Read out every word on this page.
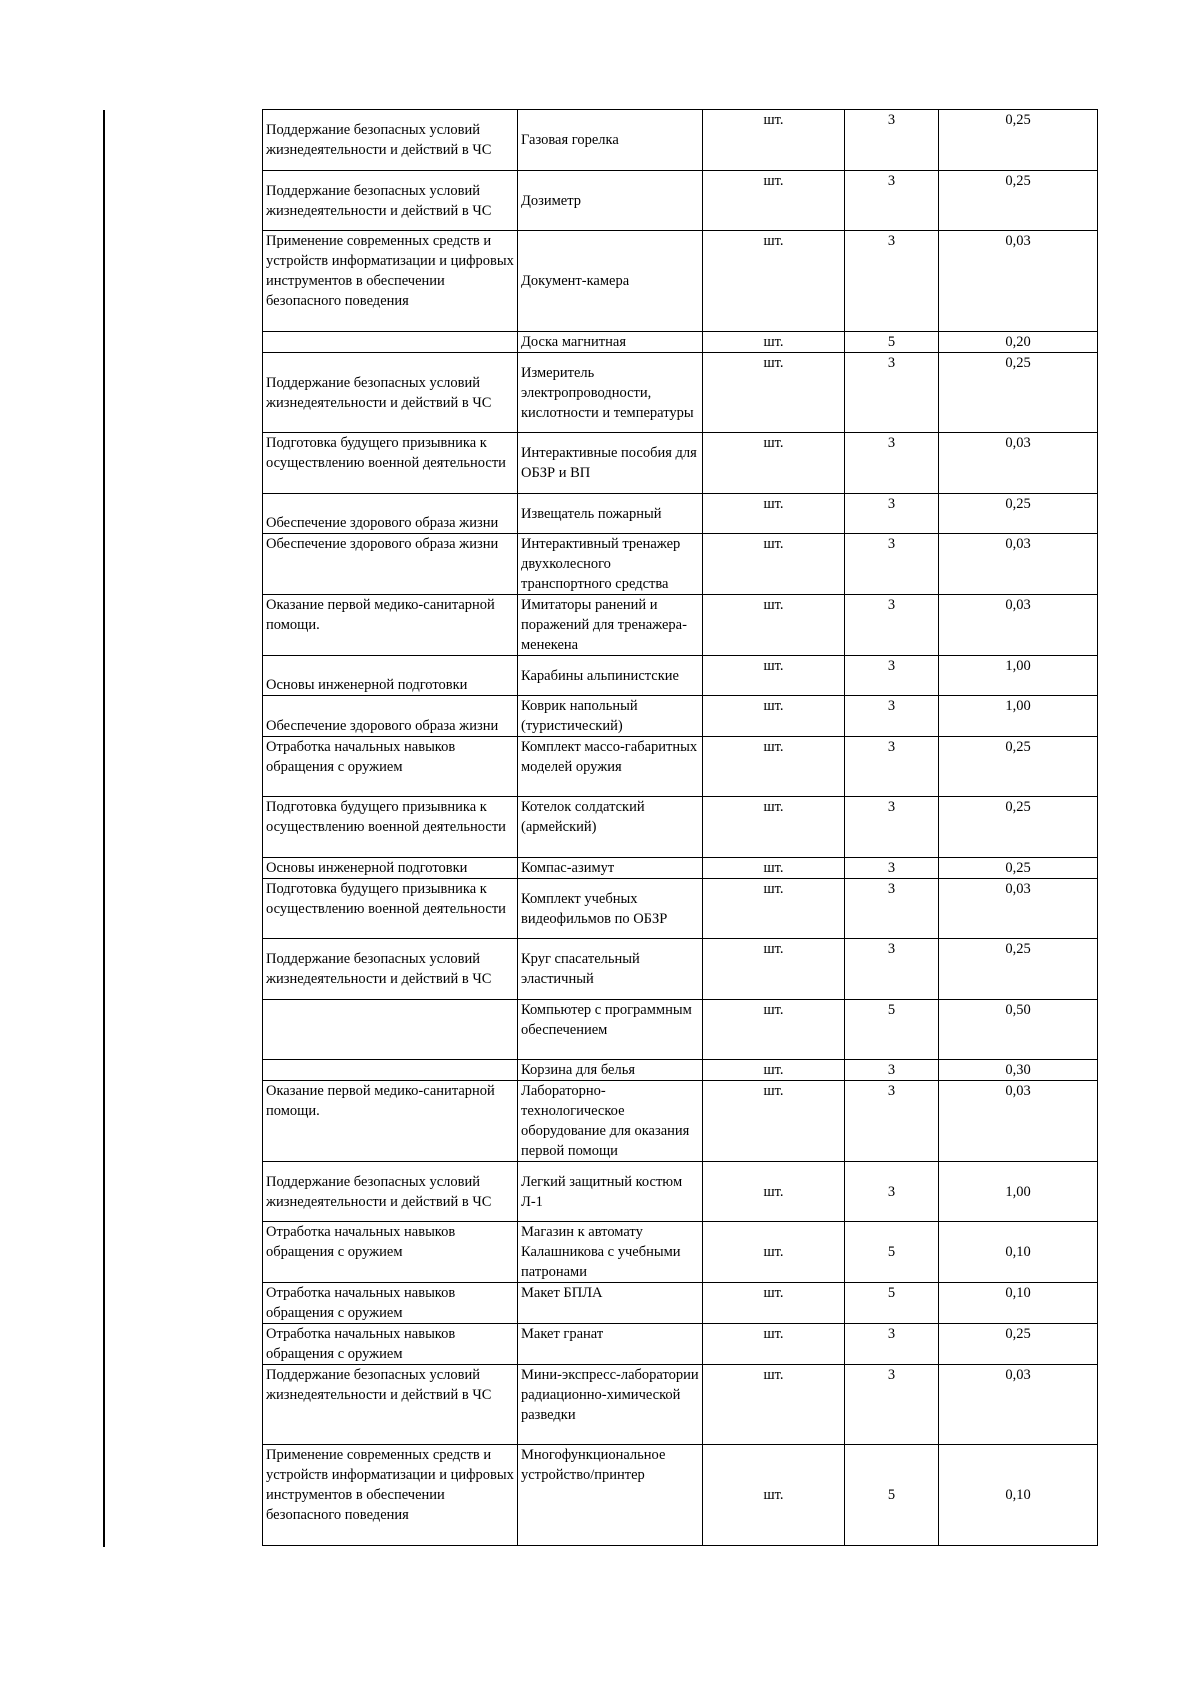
Поддержание безопасных условий жизнедеятельности и действий в ЧС	Газовая горелка	шт.	3	0,25
Поддержание безопасных условий жизнедеятельности и действий в ЧС	Дозиметр	шт.	3	0,25
Применение современных средств и устройств информатизации и цифровых инструментов в обеспечении безопасного поведения	Документ-камера	шт.	3	0,03
	Доска магнитная	шт.	5	0,20
Поддержание безопасных условий жизнедеятельности и действий в ЧС	Измеритель электропроводности, кислотности и температуры	шт.	3	0,25
Подготовка будущего призывника к осуществлению военной деятельности	Интерактивные пособия для ОБЗР и ВП	шт.	3	0,03
Обеспечение здорового образа жизни	Извещатель пожарный	шт.	3	0,25
Обеспечение здорового образа жизни	Интерактивный тренажер двухколесного транспортного средства	шт.	3	0,03
Оказание первой медико-санитарной помощи.	Имитаторы ранений и поражений для тренажера-менекена	шт.	3	0,03
Основы инженерной подготовки	Карабины альпинистские	шт.	3	1,00
Обеспечение здорового образа жизни	Коврик напольный (туристический)	шт.	3	1,00
Отработка начальных навыков обращения с оружием	Комплект массо-габаритных моделей оружия	шт.	3	0,25
Подготовка будущего призывника к осуществлению военной деятельности	Котелок солдатский (армейский)	шт.	3	0,25
Основы инженерной подготовки	Компас-азимут	шт.	3	0,25
Подготовка будущего призывника к осуществлению военной деятельности	Комплект учебных видеофильмов по ОБЗР	шт.	3	0,03
Поддержание безопасных условий жизнедеятельности и действий в ЧС	Круг спасательный эластичный	шт.	3	0,25
	Компьютер с программным обеспечением	шт.	5	0,50
	Корзина для белья	шт.	3	0,30
Оказание первой медико-санитарной помощи.	Лабораторно-технологическое оборудование для оказания первой помощи	шт.	3	0,03
Поддержание безопасных условий жизнедеятельности и действий в ЧС	Легкий защитный костюм Л-1	шт.	3	1,00
Отработка начальных навыков обращения с оружием	Магазин к автомату Калашникова с учебными патронами	шт.	5	0,10
Отработка начальных навыков обращения с оружием	Макет БПЛА	шт.	5	0,10
Отработка начальных навыков обращения с оружием	Макет гранат	шт.	3	0,25
Поддержание безопасных условий жизнедеятельности и действий в ЧС	Мини-экспресс-лаборатории радиационно-химической разведки	шт.	3	0,03
Применение современных средств и устройств информатизации и цифровых инструментов в обеспечении безопасного поведения	Многофункциональное устройство/принтер	шт.	5	0,10
